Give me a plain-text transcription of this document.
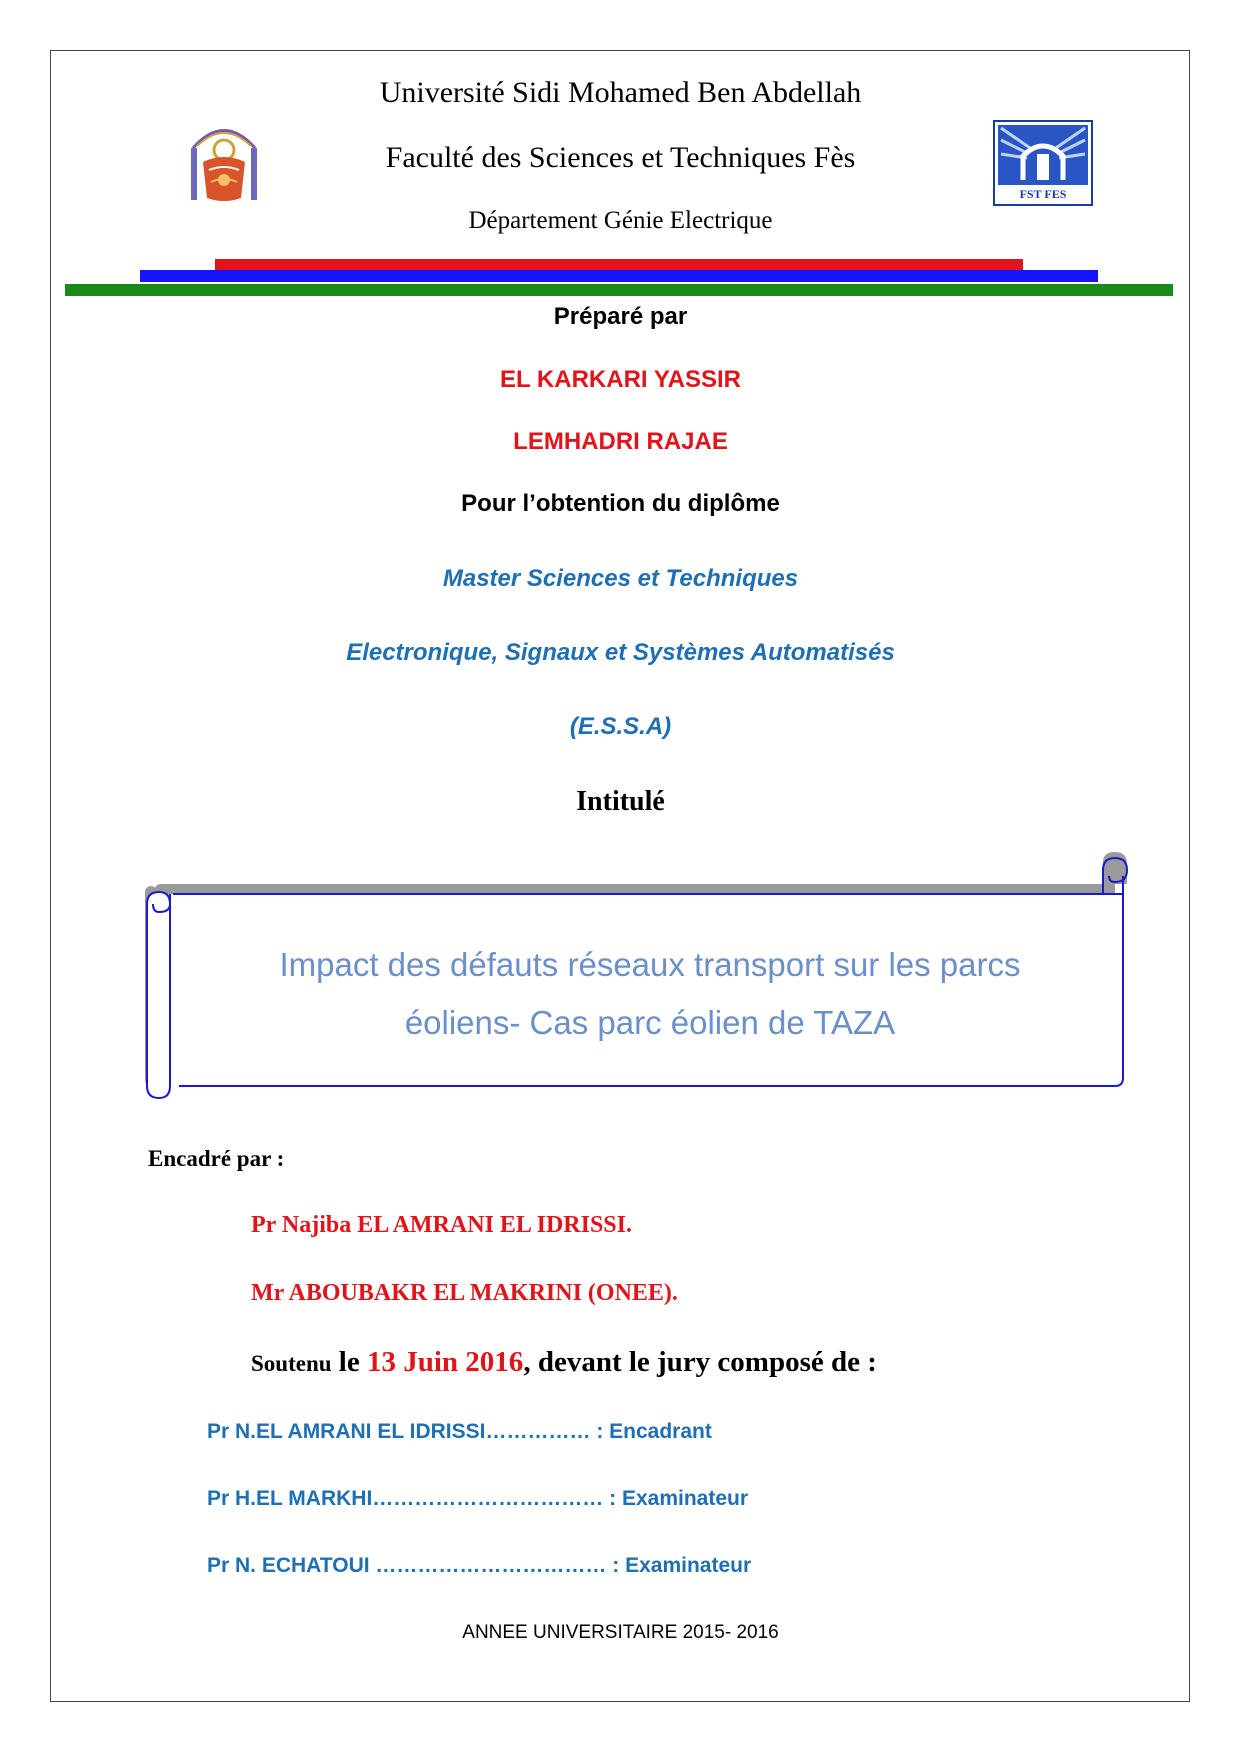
FST FES
Université Sidi Mohamed Ben Abdellah
Faculté des Sciences et Techniques Fès
Département Génie Electrique
Préparé par
EL KARKARI YASSIR
LEMHADRI RAJAE
Pour l’obtention du diplôme
Master Sciences et Techniques
Electronique, Signaux et Systèmes Automatisés
(E.S.S.A)
Intitulé
Impact des défauts réseaux transport sur les parcs
éoliens- Cas parc éolien de TAZA
Encadré par :
Pr Najiba EL AMRANI EL IDRISSI.
Mr ABOUBAKR EL MAKRINI (ONEE).
Soutenu le 13 Juin 2016, devant le jury composé de :
Pr N.EL AMRANI EL IDRISSI…………… : Encadrant
Pr H.EL MARKHI…………………………… : Examinateur
Pr N. ECHATOUI …………………………… : Examinateur
ANNEE UNIVERSITAIRE 2015- 2016
